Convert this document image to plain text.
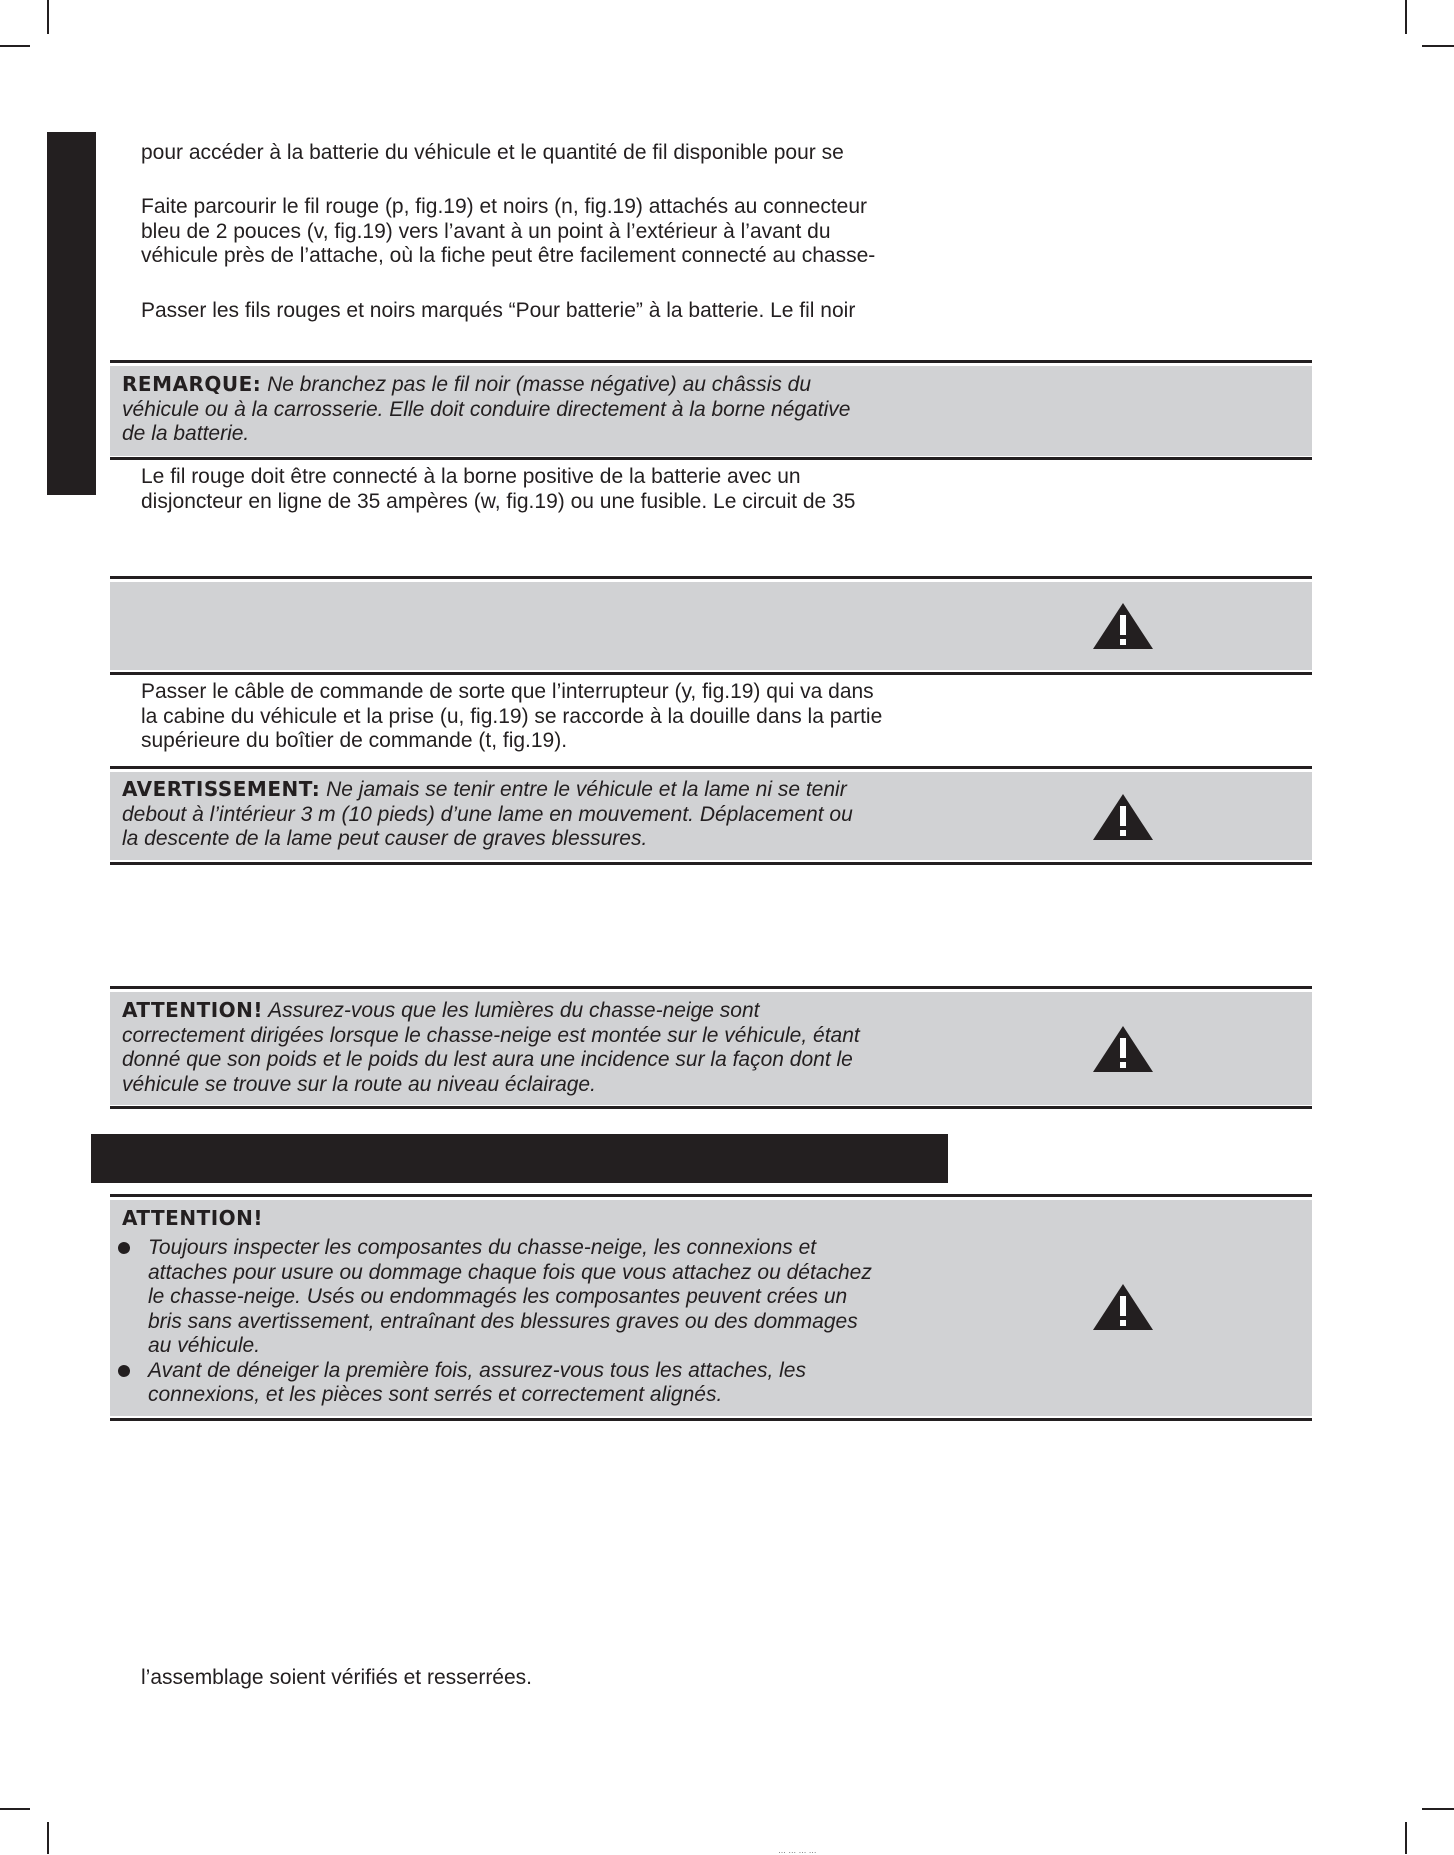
pour accéder à la batterie du véhicule et le quantité de fil disponible pour se
Faite parcourir le fil rouge (p, fig.19) et noirs (n, fig.19) attachés au connecteur
bleu de 2 pouces (v, fig.19) vers l’avant à un point à l’extérieur à l’avant du
véhicule près de l’attache, où la fiche peut être facilement connecté au chasse-
Passer les fils rouges et noirs marqués “Pour batterie” à la batterie. Le fil noir
REMARQUE: Ne branchez pas le fil noir (masse négative) au châssis du
véhicule ou à la carrosserie. Elle doit conduire directement à la borne négative
de la batterie.
Le fil rouge doit être connecté à la borne positive de la batterie avec un
disjoncteur en ligne de 35 ampères (w, fig.19) ou une fusible. Le circuit de 35
Passer le câble de commande de sorte que l’interrupteur (y, fig.19) qui va dans
la cabine du véhicule et la prise (u, fig.19) se raccorde à la douille dans la partie
supérieure du boîtier de commande (t, fig.19).
AVERTISSEMENT: Ne jamais se tenir entre le véhicule et la lame ni se tenir
debout à l’intérieur 3 m (10 pieds) d’une lame en mouvement. Déplacement ou
la descente de la lame peut causer de graves blessures.
ATTENTION! Assurez-vous que les lumières du chasse-neige sont
correctement dirigées lorsque le chasse-neige est montée sur le véhicule, étant
donné que son poids et le poids du lest aura une incidence sur la façon dont le
véhicule se trouve sur la route au niveau éclairage.
ATTENTION!
Toujours inspecter les composantes du chasse-neige, les connexions et
attaches pour usure ou dommage chaque fois que vous attachez ou détachez
le chasse-neige. Usés ou endommagés les composantes peuvent crées un
bris sans avertissement, entraînant des blessures graves ou des dommages
au véhicule.
Avant de déneiger la première fois, assurez-vous tous les attaches, les
connexions, et les pièces sont serrés et correctement alignés.
l’assemblage soient vérifiés et resserrées.
… … … …
